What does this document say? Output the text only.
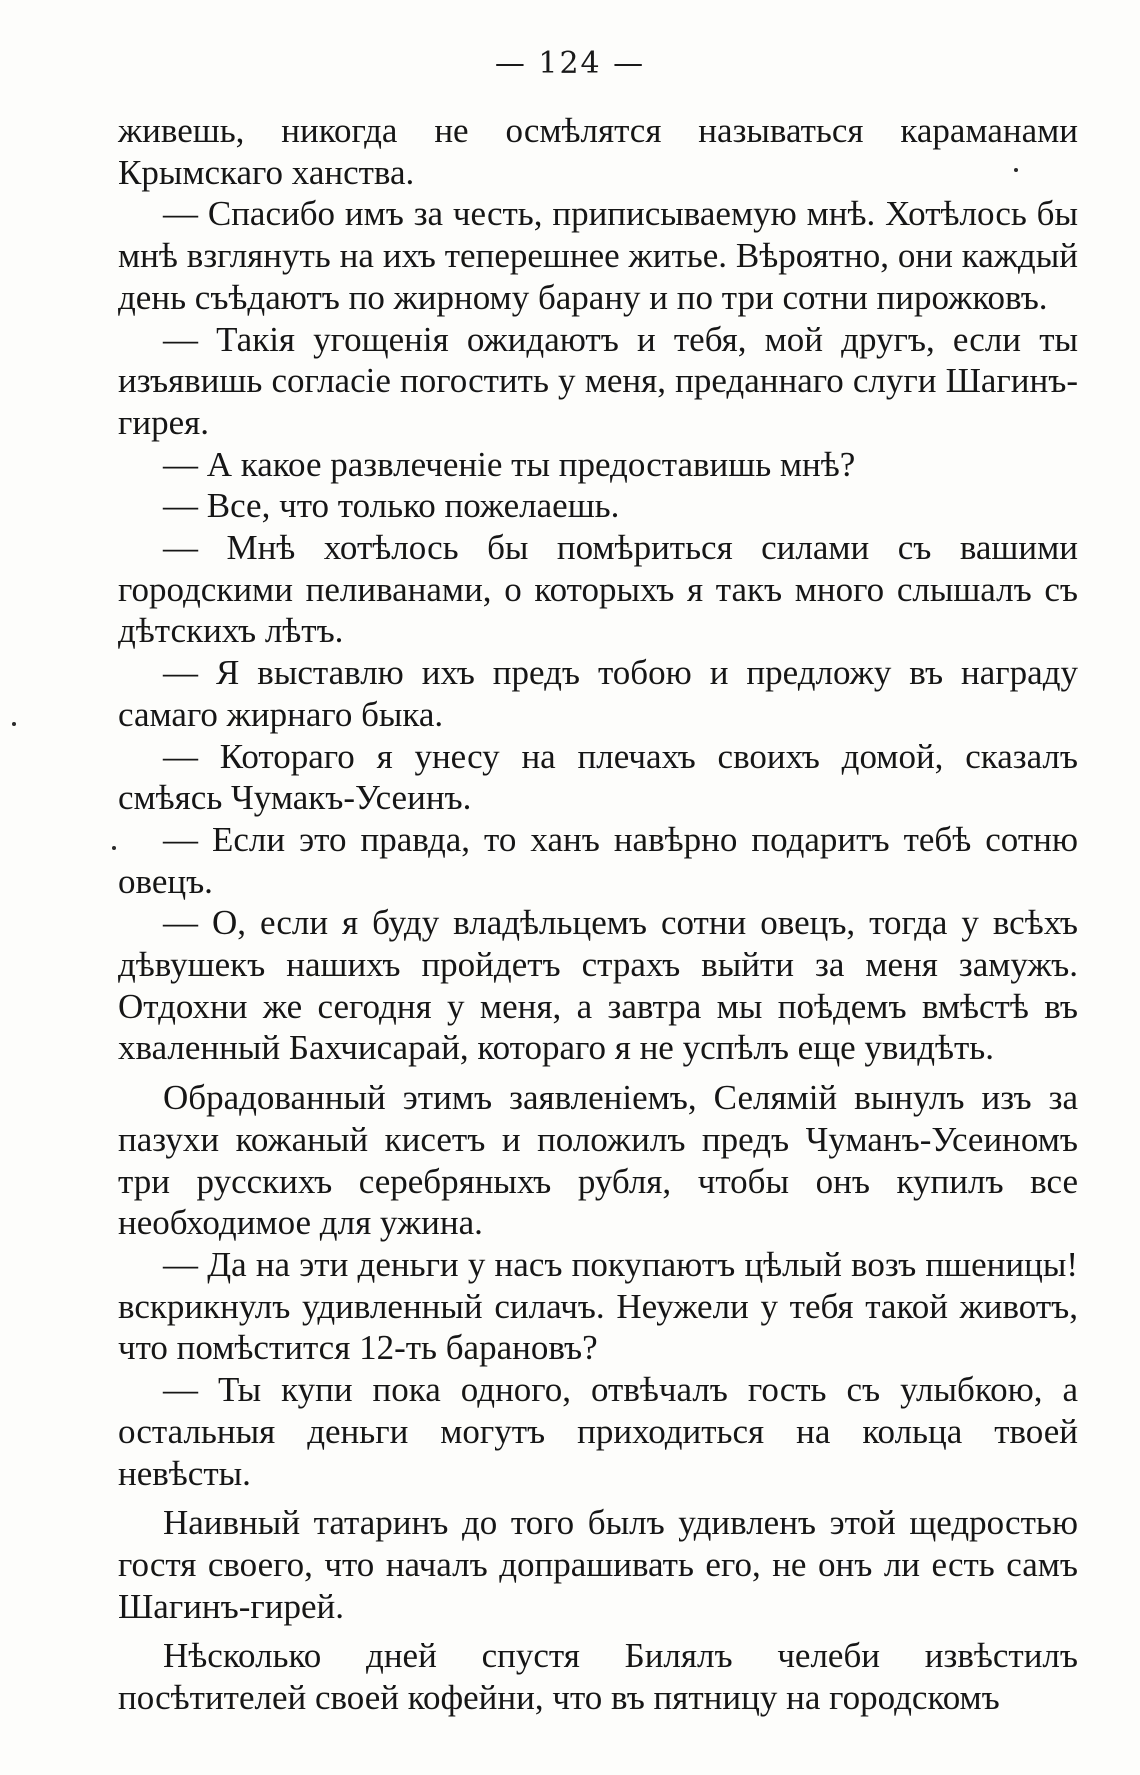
— 124 —

живешь, никогда не осмѣлятся называться караманами Крымскаго ханства.

— Спасибо имъ за честь, приписываемую мнѣ. Хотѣлось бы мнѣ взглянуть на ихъ теперешнее житье. Вѣроятно, они каждый день съѣдаютъ по жирному барану и по три сотни пирожковъ.

— Такія угощенія ожидаютъ и тебя, мой другъ, если ты изъявишь согласіе погостить у меня, преданнаго слуги Шагинъ-гирея.

— А какое развлеченіе ты предоставишь мнѣ?

— Все, что только пожелаешь.

— Мнѣ хотѣлось бы помѣриться силами съ вашими городскими пеливанами, о которыхъ я такъ много слышалъ съ дѣтскихъ лѣтъ.

— Я выставлю ихъ предъ тобою и предложу въ награду самаго жирнаго быка.

— Котораго я унесу на плечахъ своихъ домой, сказалъ смѣясь Чумакъ-Усеинъ.

— Если это правда, то ханъ навѣрно подаритъ тебѣ сотню овецъ.

— О, если я буду владѣльцемъ сотни овецъ, тогда у всѣхъ дѣвушекъ нашихъ пройдетъ страхъ выйти за меня замужъ. Отдохни же сегодня у меня, а завтра мы поѣдемъ вмѣстѣ въ хваленный Бахчисарай, котораго я не успѣлъ еще увидѣть.

Обрадованный этимъ заявленіемъ, Селямій вынулъ изъ за пазухи кожаный кисетъ и положилъ предъ Чуманъ-Усеиномъ три русскихъ серебряныхъ рубля, чтобы онъ купилъ все необходимое для ужина.

— Да на эти деньги у насъ покупаютъ цѣлый возъ пшеницы! вскрикнулъ удивленный силачъ. Неужели у тебя такой животъ, что помѣстится 12-ть барановъ?

— Ты купи пока одного, отвѣчалъ гость съ улыбкою, а остальныя деньги могутъ приходиться на кольца твоей невѣсты.

Наивный татаринъ до того былъ удивленъ этой щедростью гостя своего, что началъ допрашивать его, не онъ ли есть самъ Шагинъ-гирей.

Нѣсколько дней спустя Билялъ челеби извѣстилъ посѣтителей своей кофейни, что въ пятницу на городскомъ
